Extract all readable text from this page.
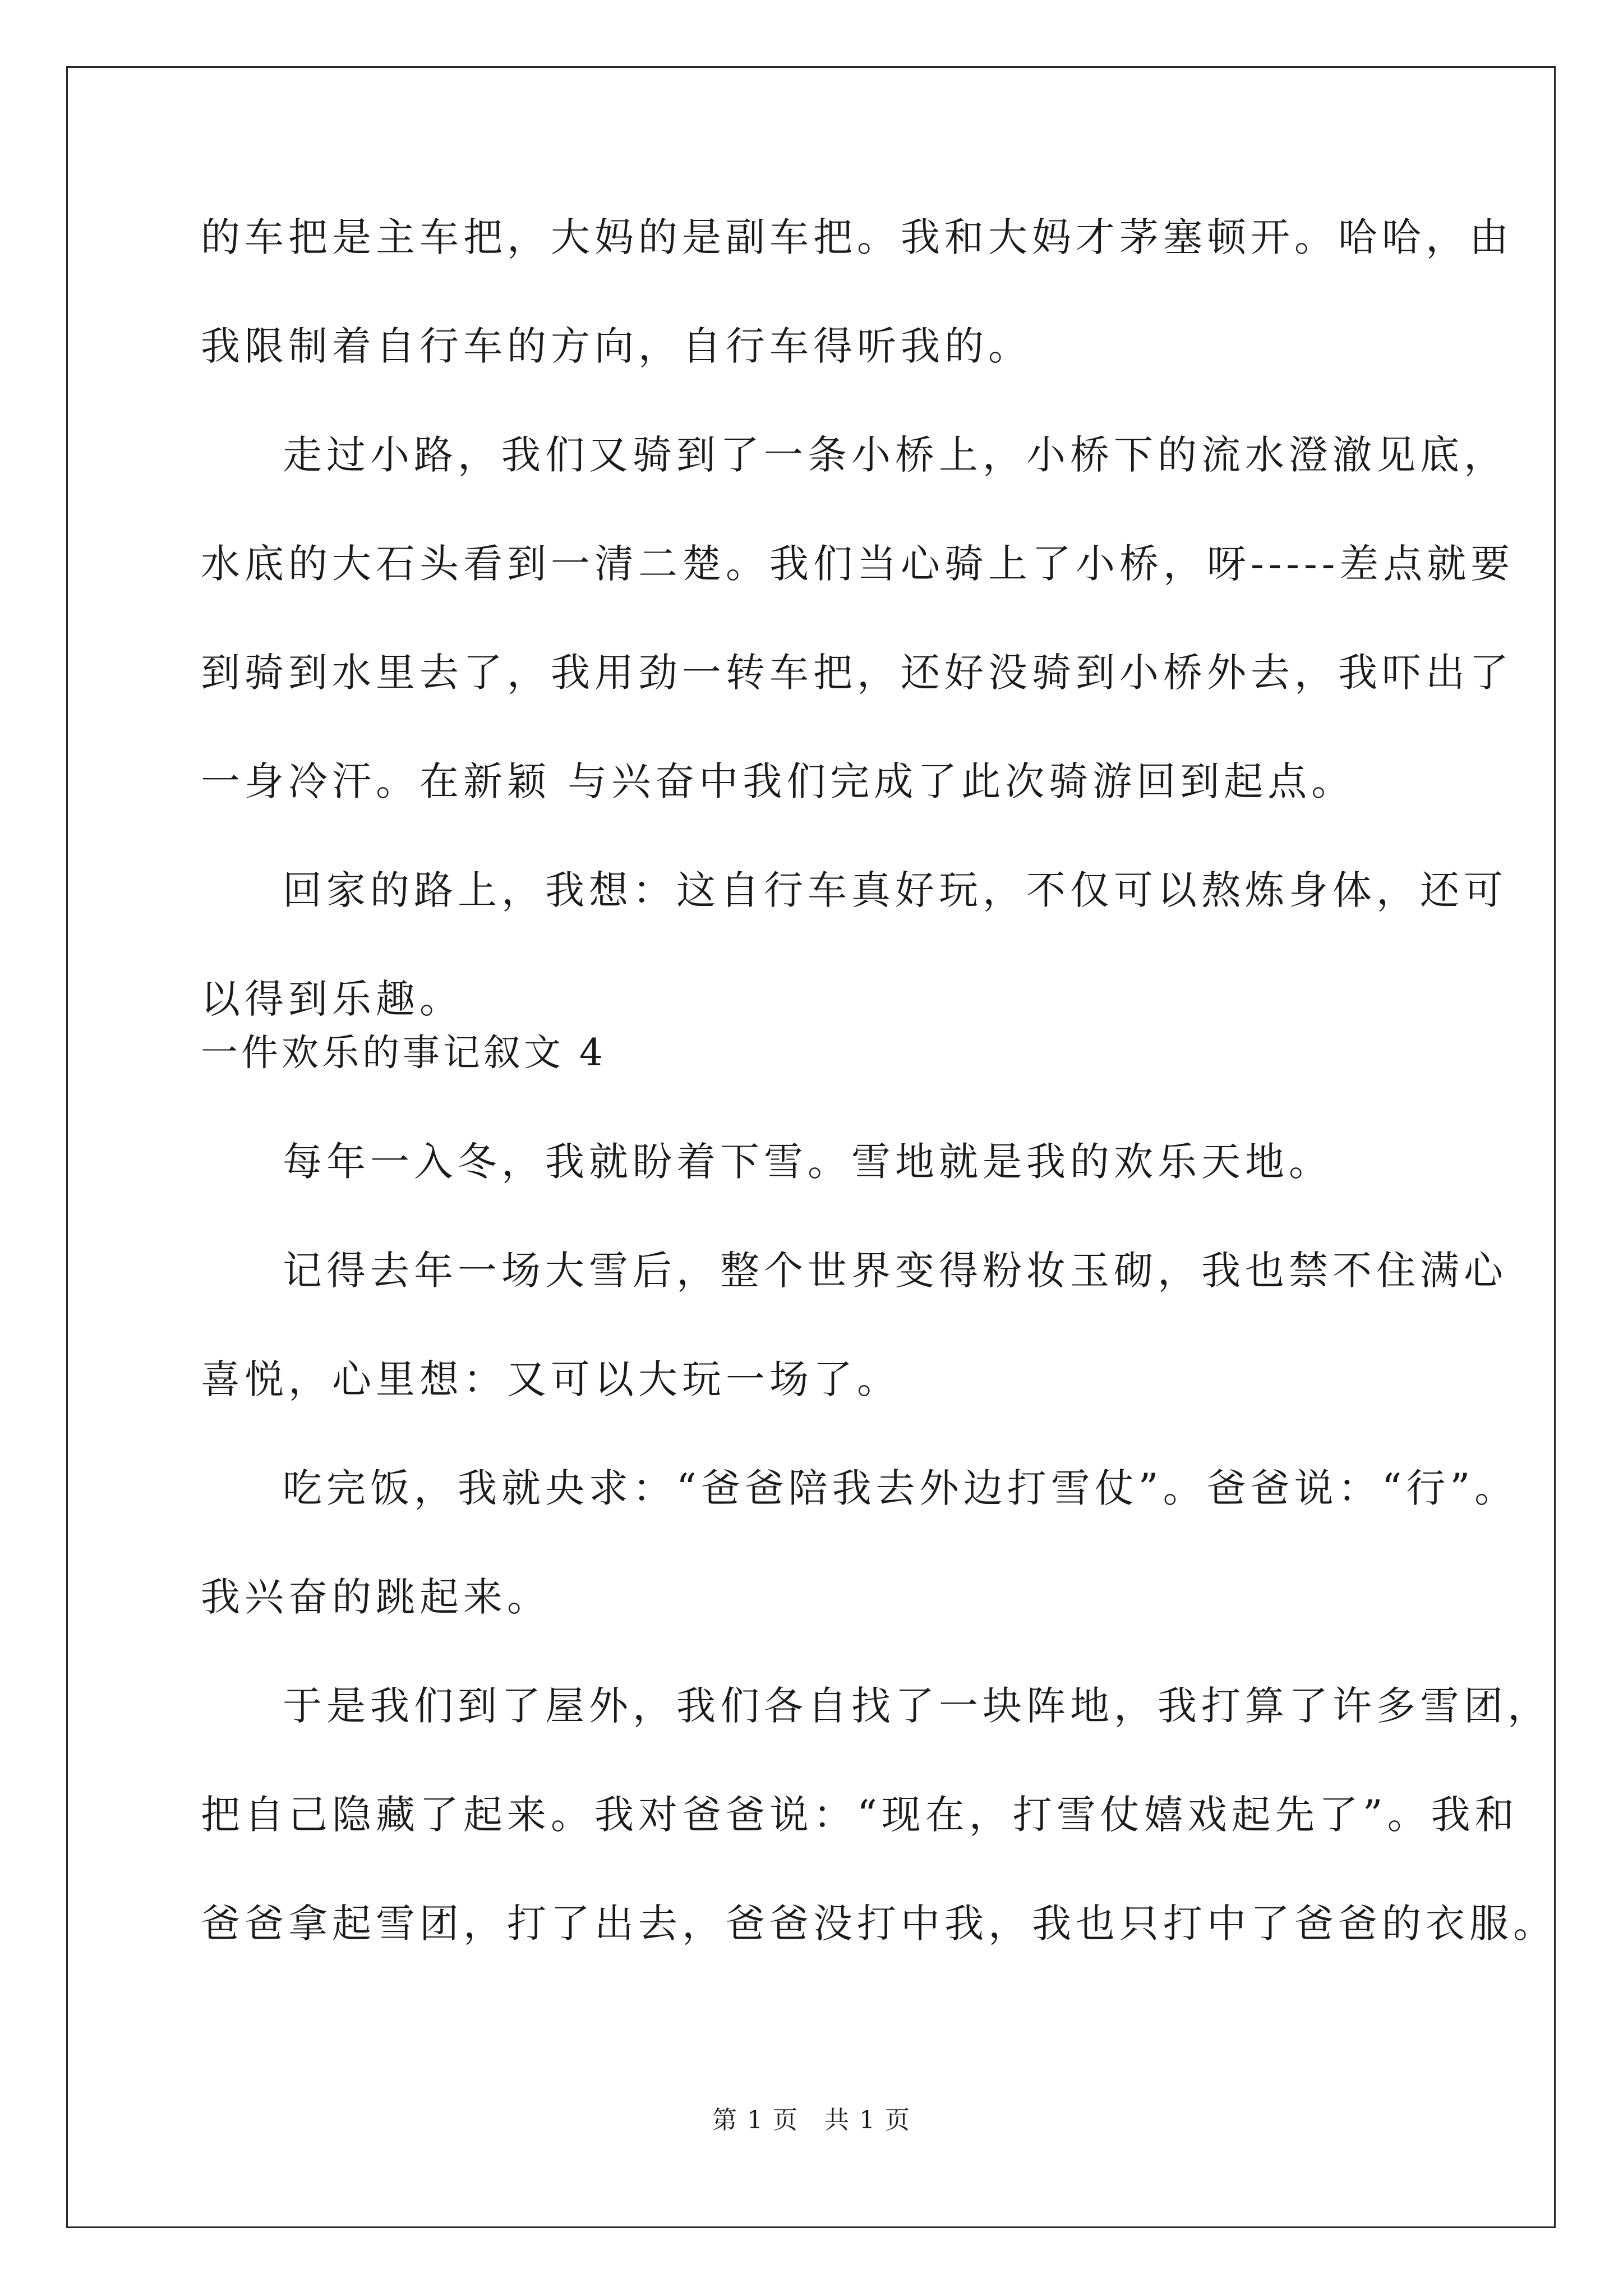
的车把是主车把，大妈的是副车把。我和大妈才茅塞顿开。哈哈，由

我限制着自行车的方向，自行车得听我的。

走过小路，我们又骑到了一条小桥上，小桥下的流水澄澈见底，

水底的大石头看到一清二楚。我们当心骑上了小桥，呀-----差点就要

到骑到水里去了，我用劲一转车把，还好没骑到小桥外去，我吓出了

一身冷汗。在新颖 与兴奋中我们完成了此次骑游回到起点。

回家的路上，我想：这自行车真好玩，不仅可以熬炼身体，还可

以得到乐趣。

一件欢乐的事记叙文 4

每年一入冬，我就盼着下雪。雪地就是我的欢乐天地。

记得去年一场大雪后，整个世界变得粉妆玉砌，我也禁不住满心

喜悦，心里想：又可以大玩一场了。

吃完饭，我就央求：“爸爸陪我去外边打雪仗”。爸爸说：“行”。

我兴奋的跳起来。

于是我们到了屋外，我们各自找了一块阵地，我打算了许多雪团，

把自己隐藏了起来。我对爸爸说：“现在，打雪仗嬉戏起先了”。我和

爸爸拿起雪团，打了出去，爸爸没打中我，我也只打中了爸爸的衣服。

第 1 页　共 1 页
